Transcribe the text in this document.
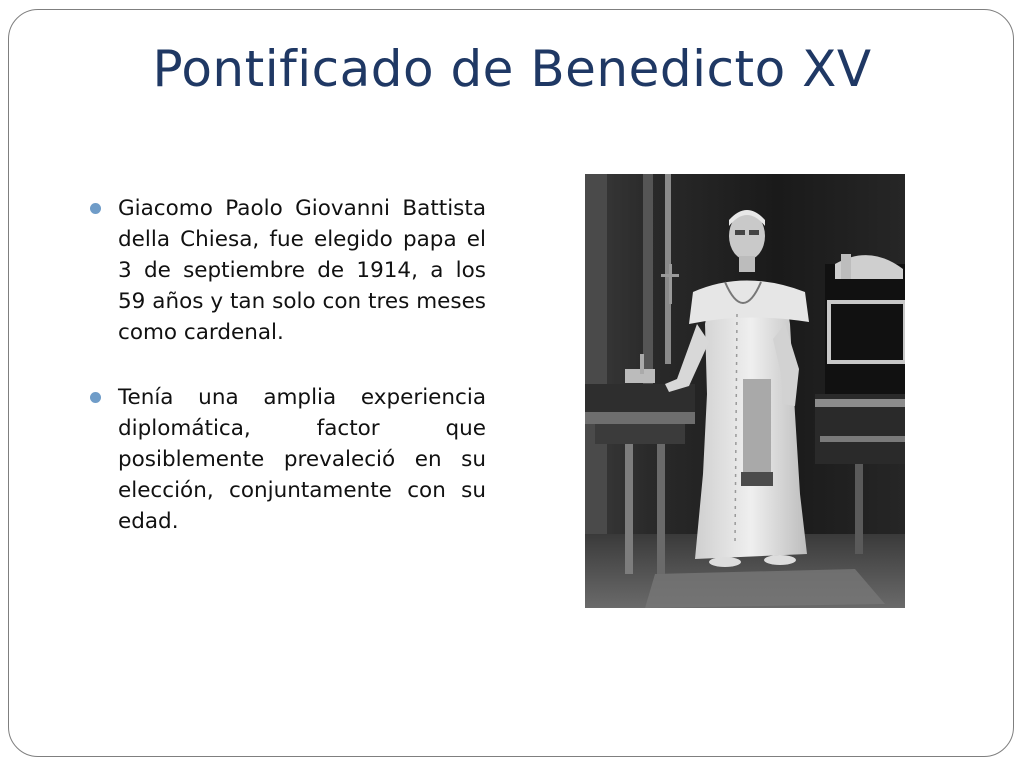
Pontificado de Benedicto XV
Giacomo Paolo Giovanni Battista della Chiesa, fue elegido papa el 3 de septiembre de 1914, a los 59 años y tan solo con tres meses como cardenal.
Tenía una amplia experiencia diplomática, factor que posiblemente prevaleció en su elección, conjuntamente con su edad.
